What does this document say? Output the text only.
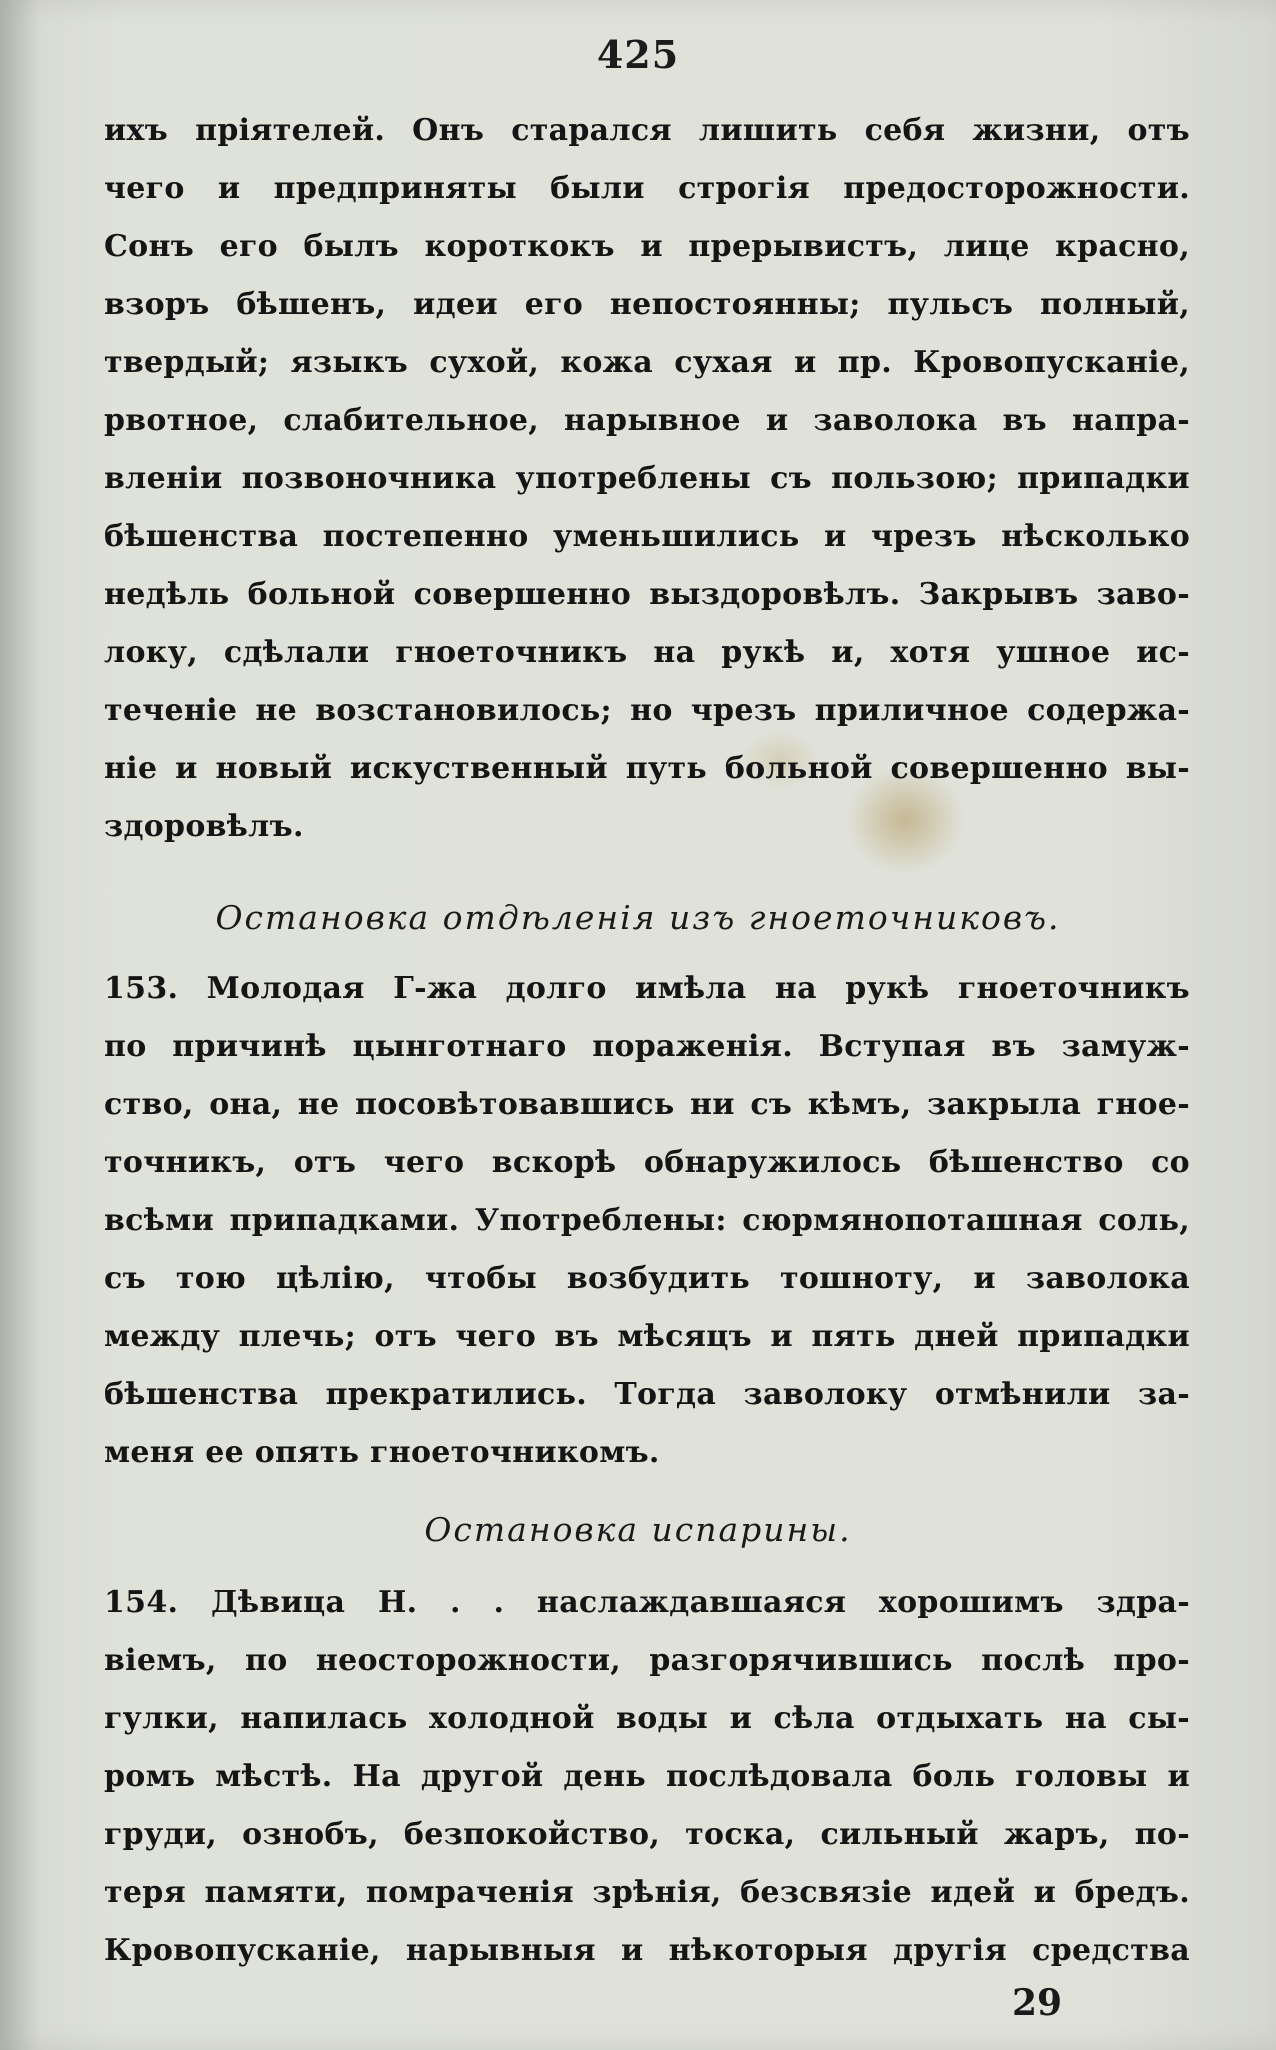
425
ихъ пріятелей. Онъ старался лишить себя жизни, отъ
чего и предприняты были строгія предосторожности.
Сонъ его былъ короткокъ и прерывистъ, лице красно,
взоръ бѣшенъ, идеи его непостоянны; пульсъ полный,
твердый; языкъ сухой, кожа сухая и пр. Кровопусканіе,
рвотное, слабительное, нарывное и заволока въ напра-
вленіи позвоночника употреблены съ пользою; припадки
бѣшенства постепенно уменьшились и чрезъ нѣсколько
недѣль больной совершенно выздоровѣлъ. Закрывъ заво-
локу, сдѣлали гноеточникъ на рукѣ и, хотя ушное ис-
теченіе не возстановилось; но чрезъ приличное содержа-
ніе и новый искуственный путь больной совершенно вы-
здоровѣлъ.
Остановка отдѣленія изъ гноеточниковъ.
153. Молодая Г-жа долго имѣла на рукѣ гноеточникъ
по причинѣ цынготнаго пораженія. Вступая въ замуж-
ство, она, не посовѣтовавшись ни съ кѣмъ, закрыла гное-
точникъ, отъ чего вскорѣ обнаружилось бѣшенство со
всѣми припадками. Употреблены: сюрмянопоташная соль,
съ тою цѣлію, чтобы возбудить тошноту, и заволока
между плечь; отъ чего въ мѣсяцъ и пять дней припадки
бѣшенства прекратились. Тогда заволоку отмѣнили за-
меня ее опять гноеточникомъ.
Остановка испарины.
154. Дѣвица Н. . . наслаждавшаяся хорошимъ здра-
віемъ, по неосторожности, разгорячившись послѣ про-
гулки, напилась холодной воды и сѣла отдыхать на сы-
ромъ мѣстѣ. На другой день послѣдовала боль головы и
груди, ознобъ, безпокойство, тоска, сильный жаръ, по-
теря памяти, помраченія зрѣнія, безсвязіе идей и бредъ.
Кровопусканіе, нарывныя и нѣкоторыя другія средства
29
